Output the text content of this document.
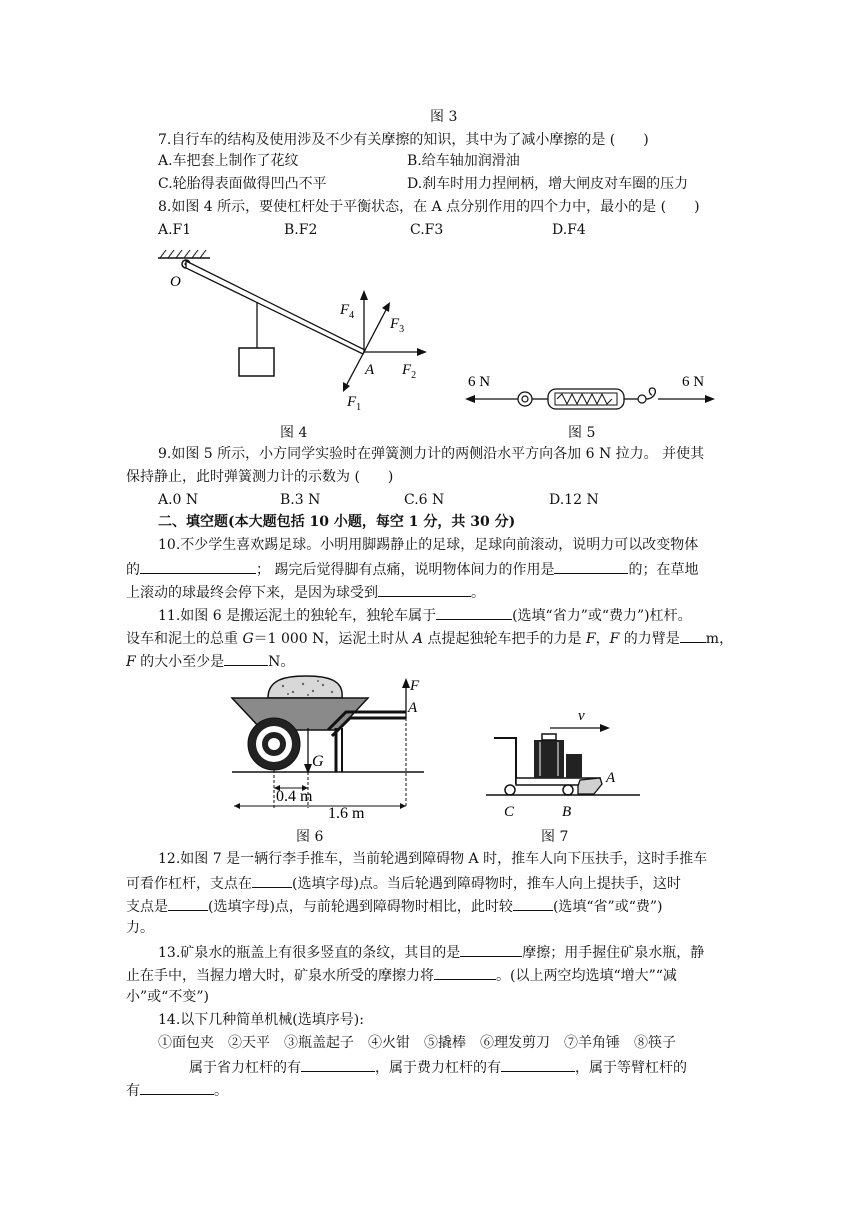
图 3
7.自行车的结构及使用涉及不少有关摩擦的知识，其中为了减小摩擦的是 (　　)
A.车把套上制作了花纹	B.给车轴加润滑油
C.轮胎得表面做得凹凸不平	D.刹车时用力捏闸柄，增大闸皮对车圈的压力
8.如图 4 所示，要使杠杆处于平衡状态，在 A 点分别作用的四个力中，最小的是 (　　)
A.F1	B.F2	C.F3	D.F4
O
A
$F_4$
$F_3$
$F_2$
$F_1$
6 N	6 N
图 4	图 5
9.如图 5 所示，小方同学实验时在弹簧测力计的两侧沿水平方向各加 6 N 拉力。 并使其
保持静止，此时弹簧测力计的示数为 (　　)
A.0 N	B.3 N	C.6 N	D.12 N
二、填空题(本大题包括 10 小题，每空 1 分，共 30 分)
10.不少学生喜欢踢足球。小明用脚踢静止的足球，足球向前滚动，说明力可以改变物体
的	； 踢完后觉得脚有点痛，说明物体间力的作用是	的；在草地
上滚动的球最终会停下来，是因为球受到	。
11.如图 6 是搬运泥土的独轮车，独轮车属于	(选填“省力”或“费力”)杠杆。
设车和泥土的总重 G＝1 000 N，运泥土时从 A 点提起独轮车把手的力是 F，F 的力臂是 m，
F 的大小至少是	N。
G
F
A
0.4 m
1.6 m
v
A
C	B
图 6	图 7
12.如图 7 是一辆行李手推车，当前轮遇到障碍物 A 时，推车人向下压扶手，这时手推车
可看作杠杆，支点在	(选填字母)点。当后轮遇到障碍物时，推车人向上提扶手，这时
支点是	(选填字母)点，与前轮遇到障碍物时相比，此时较	(选填“省”或“费”)
力。
13.矿泉水的瓶盖上有很多竖直的条纹，其目的是	摩擦；用手握住矿泉水瓶，静
止在手中，当握力增大时，矿泉水所受的摩擦力将	。(以上两空均选填“增大”“减
小”或“不变”)
14.以下几种简单机械(选填序号):
①面包夹　②天平　③瓶盖起子　④火钳　⑤撬棒　⑥理发剪刀　⑦羊角锤　⑧筷子
属于省力杠杆的有	，属于费力杠杆的有	，属于等臂杠杆的
有	。
